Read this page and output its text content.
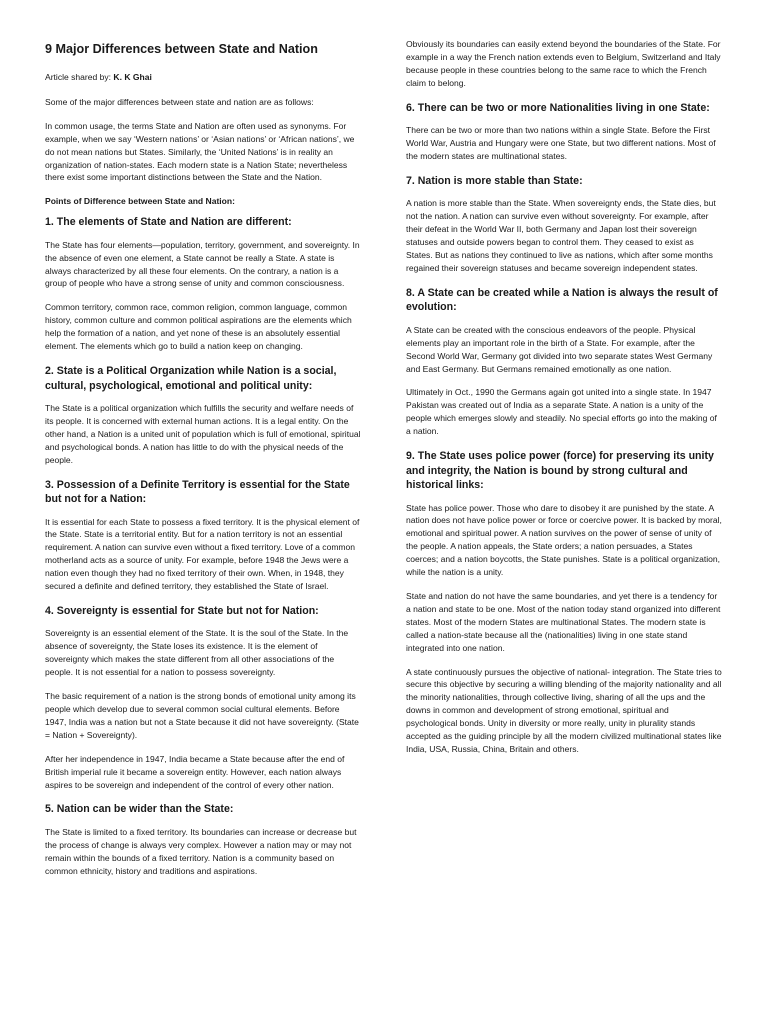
9 Major Differences between State and Nation

Article shared by: K. K Ghai

Some of the major differences between state and nation are as follows:

In common usage, the terms State and Nation are often used as synonyms. For example, when we say ‘Western nations’ or ‘Asian nations’ or ‘African nations’, we do not mean nations but States. Similarly, the ‘United Nations’ is in reality an organization of nation-states. Each modern state is a Nation State; nevertheless there exist some important distinctions between the State and the Nation.

Points of Difference between State and Nation:

1. The elements of State and Nation are different:

The State has four elements—population, territory, government, and sovereignty. In the absence of even one element, a State cannot be really a State. A state is always characterized by all these four elements. On the contrary, a nation is a group of people who have a strong sense of unity and common consciousness.

Common territory, common race, common religion, common language, common history, common culture and common political aspirations are the elements which help the formation of a nation, and yet none of these is an absolutely essential element. The elements which go to build a nation keep on changing.

2. State is a Political Organization while Nation is a social, cultural, psychological, emotional and political unity:

The State is a political organization which fulfills the security and welfare needs of its people. It is concerned with external human actions. It is a legal entity. On the other hand, a Nation is a united unit of population which is full of emotional, spiritual and psychological bonds. A nation has little to do with the physical needs of the people.

3. Possession of a Definite Territory is essential for the State but not for a Nation:

It is essential for each State to possess a fixed territory. It is the physical element of the State. State is a territorial entity. But for a nation territory is not an essential requirement. A nation can survive even without a fixed territory. Love of a common motherland acts as a source of unity. For example, before 1948 the Jews were a nation even though they had no fixed territory of their own. When, in 1948, they secured a definite and defined territory, they established the State of Israel.

4. Sovereignty is essential for State but not for Nation:

Sovereignty is an essential element of the State. It is the soul of the State. In the absence of sovereignty, the State loses its existence. It is the element of sovereignty which makes the state different from all other associations of the people. It is not essential for a nation to possess sovereignty.

The basic requirement of a nation is the strong bonds of emotional unity among its people which develop due to several common social cultural elements. Before 1947, India was a nation but not a State because it did not have sovereignty. (State = Nation + Sovereignty).

After her independence in 1947, India became a State because after the end of British imperial rule it became a sovereign entity. However, each nation always aspires to be sovereign and independent of the control of every other nation.

5. Nation can be wider than the State:

The State is limited to a fixed territory. Its boundaries can increase or decrease but the process of change is always very complex. However a nation may or may not remain within the bounds of a fixed territory. Nation is a community based on common ethnicity, history and traditions and aspirations.

Obviously its boundaries can easily extend beyond the boundaries of the State. For example in a way the French nation extends even to Belgium, Switzerland and Italy because people in these countries belong to the same race to which the French claim to belong.

6. There can be two or more Nationalities living in one State:

There can be two or more than two nations within a single State. Before the First World War, Austria and Hungary were one State, but two different nations. Most of the modern states are multinational states.

7. Nation is more stable than State:

A nation is more stable than the State. When sovereignty ends, the State dies, but not the nation. A nation can survive even without sovereignty. For example, after their defeat in the World War II, both Germany and Japan lost their sovereign statuses and outside powers began to control them. They ceased to exist as States. But as nations they continued to live as nations, which after some months regained their sovereign statuses and became sovereign independent states.

8. A State can be created while a Nation is always the result of evolution:

A State can be created with the conscious endeavors of the people. Physical elements play an important role in the birth of a State. For example, after the Second World War, Germany got divided into two separate states West Germany and East Germany. But Germans remained emotionally as one nation.

Ultimately in Oct., 1990 the Germans again got united into a single state. In 1947 Pakistan was created out of India as a separate State. A nation is a unity of the people which emerges slowly and steadily. No special efforts go into the making of a nation.

9. The State uses police power (force) for preserving its unity and integrity, the Nation is bound by strong cultural and historical links:

State has police power. Those who dare to disobey it are punished by the state. A nation does not have police power or force or coercive power. It is backed by moral, emotional and spiritual power. A nation survives on the power of sense of unity of the people. A nation appeals, the State orders; a nation persuades, a States coerces; and a nation boycotts, the State punishes. State is a political organization, while the nation is a unity.

State and nation do not have the same boundaries, and yet there is a tendency for a nation and state to be one. Most of the nation today stand organized into different states. Most of the modern States are multinational States. The modern state is called a nation-state because all the (nationalities) living in one state stand integrated into one nation.

A state continuously pursues the objective of national- integration. The State tries to secure this objective by securing a willing blending of the majority nationality and all the minority nationalities, through collective living, sharing of all the ups and the downs in common and development of strong emotional, spiritual and psychological bonds. Unity in diversity or more really, unity in plurality stands accepted as the guiding principle by all the modern civilized multinational states like India, USA, Russia, China, Britain and others.
